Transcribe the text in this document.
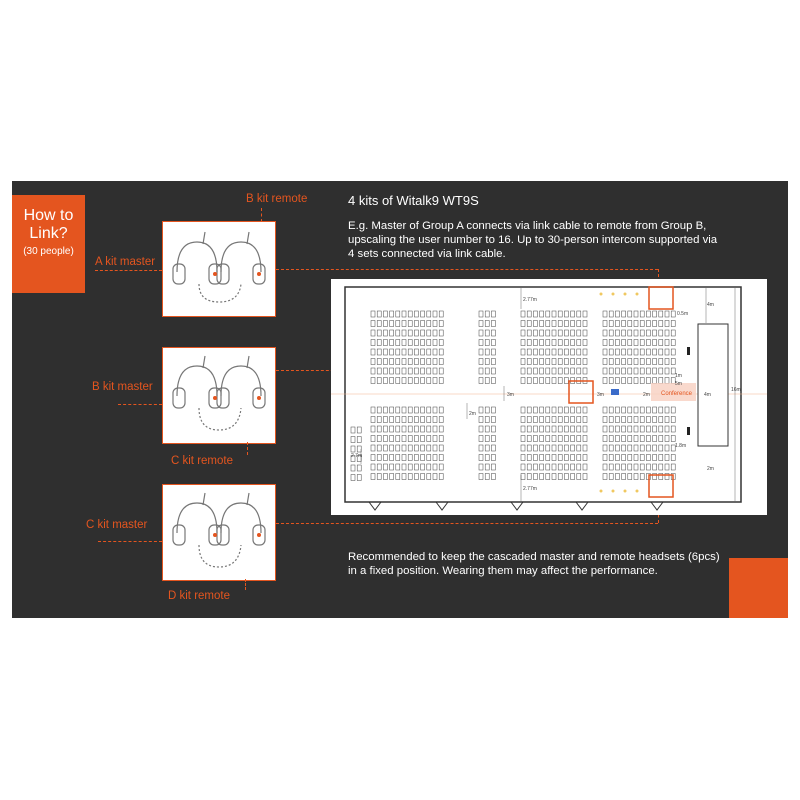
How to
Link?
(30 people)
B kit remote
A kit master
B kit master
C kit remote
C kit master
D kit remote
4 kits of Witalk9 WT9S
E.g. Master of Group A connects via link cable to remote from Group B, upscaling the user number to 16. Up to 30-person intercom supported via 4 sets connected via link cable.
Recommended to keep the cascaded master and remote headsets (6pcs) in a fixed position. Wearing them may affect the performance.
Conference
2.77m
4m
0.5m
3m
2m
3m	2m
1m
5m
4m
16m
1.8m
2m
2.7m
2.77m
